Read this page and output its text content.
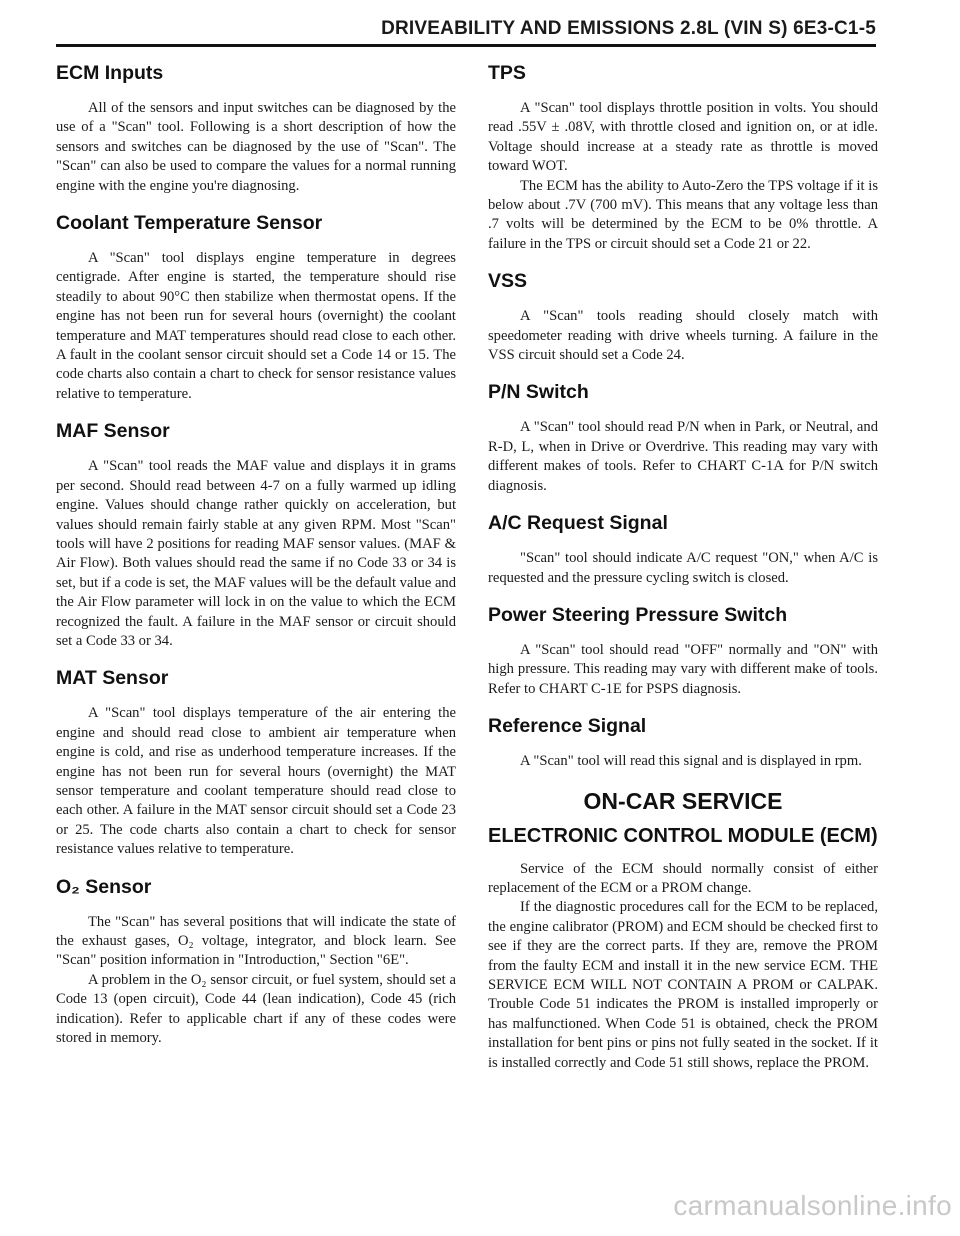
DRIVEABILITY AND EMISSIONS 2.8L (VIN S) 6E3-C1-5
ECM Inputs

All of the sensors and input switches can be diagnosed by the use of a "Scan" tool. Following is a short description of how the sensors and switches can be diagnosed by the use of "Scan". The "Scan" can also be used to compare the values for a normal running engine with the engine you're diagnosing.

Coolant Temperature Sensor

A "Scan" tool displays engine temperature in degrees centigrade. After engine is started, the temperature should rise steadily to about 90°C then stabilize when thermostat opens. If the engine has not been run for several hours (overnight) the coolant temperature and MAT temperatures should read close to each other. A fault in the coolant sensor circuit should set a Code 14 or 15. The code charts also contain a chart to check for sensor resistance values relative to temperature.

MAF Sensor

A "Scan" tool reads the MAF value and displays it in grams per second. Should read between 4-7 on a fully warmed up idling engine. Values should change rather quickly on acceleration, but values should remain fairly stable at any given RPM. Most "Scan" tools will have 2 positions for reading MAF sensor values. (MAF & Air Flow). Both values should read the same if no Code 33 or 34 is set, but if a code is set, the MAF values will be the default value and the Air Flow parameter will lock in on the value to which the ECM recognized the fault. A failure in the MAF sensor or circuit should set a Code 33 or 34.

MAT Sensor

A "Scan" tool displays temperature of the air entering the engine and should read close to ambient air temperature when engine is cold, and rise as underhood temperature increases. If the engine has not been run for several hours (overnight) the MAT sensor temperature and coolant temperature should read close to each other. A failure in the MAT sensor circuit should set a Code 23 or 25. The code charts also contain a chart to check for sensor resistance values relative to temperature.

O₂ Sensor

The "Scan" has several positions that will indicate the state of the exhaust gases, O₂ voltage, integrator, and block learn. See "Scan" position information in "Introduction," Section "6E".

A problem in the O₂ sensor circuit, or fuel system, should set a Code 13 (open circuit), Code 44 (lean indication), Code 45 (rich indication). Refer to applicable chart if any of these codes were stored in memory.

TPS

A "Scan" tool displays throttle position in volts. You should read .55V ± .08V, with throttle closed and ignition on, or at idle. Voltage should increase at a steady rate as throttle is moved toward WOT.

The ECM has the ability to Auto-Zero the TPS voltage if it is below about .7V (700 mV). This means that any voltage less than .7 volts will be determined by the ECM to be 0% throttle. A failure in the TPS or circuit should set a Code 21 or 22.

VSS

A "Scan" tools reading should closely match with speedometer reading with drive wheels turning. A failure in the VSS circuit should set a Code 24.

P/N Switch

A "Scan" tool should read P/N when in Park, or Neutral, and R-D, L, when in Drive or Overdrive. This reading may vary with different makes of tools. Refer to CHART C-1A for P/N switch diagnosis.

A/C Request Signal

"Scan" tool should indicate A/C request "ON," when A/C is requested and the pressure cycling switch is closed.

Power Steering Pressure Switch

A "Scan" tool should read "OFF" normally and "ON" with high pressure. This reading may vary with different make of tools. Refer to CHART C-1E for PSPS diagnosis.

Reference Signal

A "Scan" tool will read this signal and is displayed in rpm.

ON-CAR SERVICE
ELECTRONIC CONTROL MODULE (ECM)

Service of the ECM should normally consist of either replacement of the ECM or a PROM change.

If the diagnostic procedures call for the ECM to be replaced, the engine calibrator (PROM) and ECM should be checked first to see if they are the correct parts. If they are, remove the PROM from the faulty ECM and install it in the new service ECM. THE SERVICE ECM WILL NOT CONTAIN A PROM or CALPAK. Trouble Code 51 indicates the PROM is installed improperly or has malfunctioned. When Code 51 is obtained, check the PROM installation for bent pins or pins not fully seated in the socket. If it is installed correctly and Code 51 still shows, replace the PROM.

carmanualsonline.info
